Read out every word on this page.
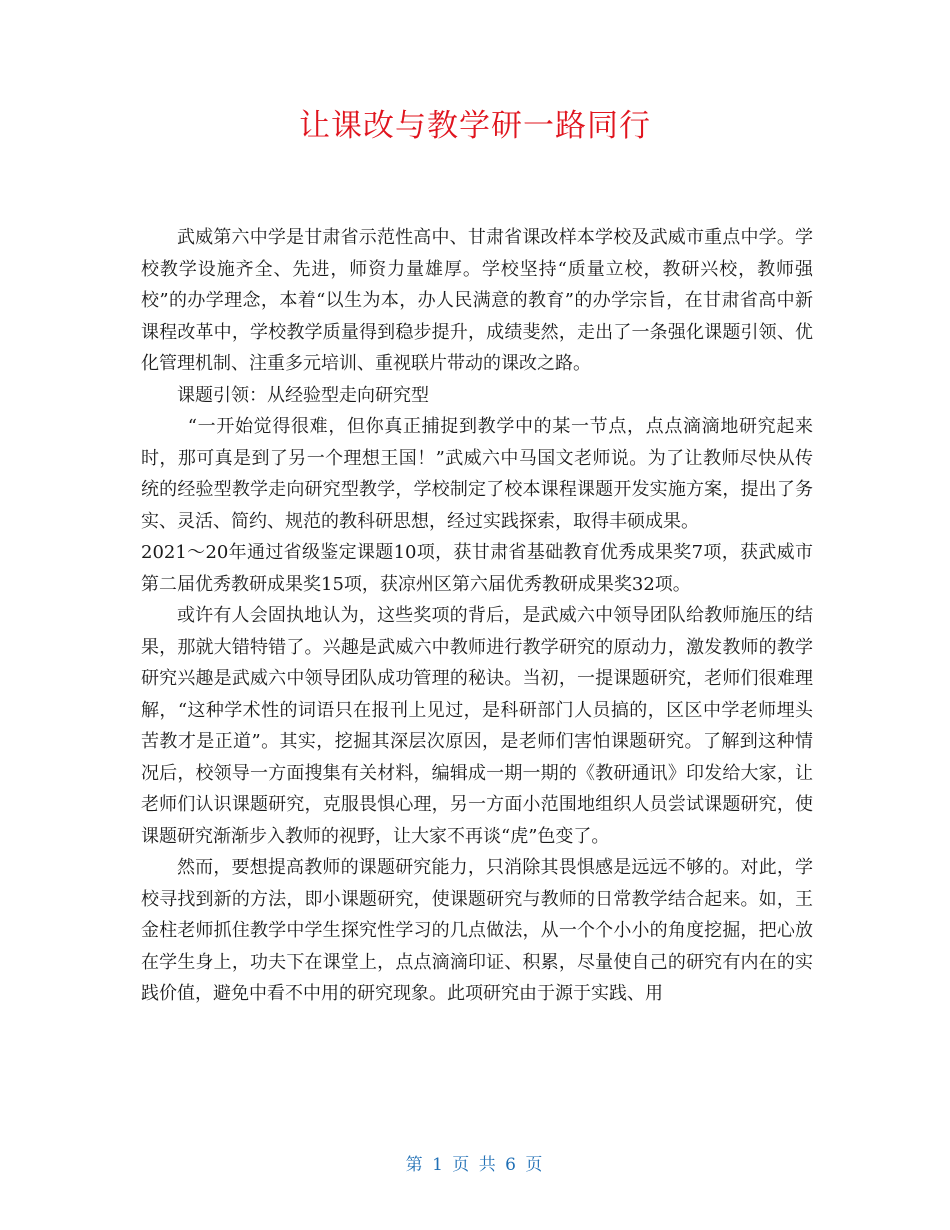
让课改与教学研一路同行

武威第六中学是甘肃省示范性高中、甘肃省课改样本学校及武威市重点中学。学校教学设施齐全、先进，师资力量雄厚。学校坚持“质量立校，教研兴校，教师强校”的办学理念，本着“以生为本，办人民满意的教育”的办学宗旨，在甘肃省高中新课程改革中，学校教学质量得到稳步提升，成绩斐然，走出了一条强化课题引领、优化管理机制、注重多元培训、重视联片带动的课改之路。

课题引领：从经验型走向研究型

“一开始觉得很难，但你真正捕捉到教学中的某一节点，点点滴滴地研究起来时，那可真是到了另一个理想王国！”武威六中马国文老师说。为了让教师尽快从传统的经验型教学走向研究型教学，学校制定了校本课程课题开发实施方案，提出了务实、灵活、简约、规范的教科研思想，经过实践探索，取得丰硕成果。

2021～20年通过省级鉴定课题10项，获甘肃省基础教育优秀成果奖7项，获武威市第二届优秀教研成果奖15项，获凉州区第六届优秀教研成果奖32项。

或许有人会固执地认为，这些奖项的背后，是武威六中领导团队给教师施压的结果，那就大错特错了。兴趣是武威六中教师进行教学研究的原动力，激发教师的教学研究兴趣是武威六中领导团队成功管理的秘诀。当初，一提课题研究，老师们很难理解，“这种学术性的词语只在报刊上见过，是科研部门人员搞的，区区中学老师埋头苦教才是正道”。其实，挖掘其深层次原因，是老师们害怕课题研究。了解到这种情况后，校领导一方面搜集有关材料，编辑成一期一期的《教研通讯》印发给大家，让老师们认识课题研究，克服畏惧心理，另一方面小范围地组织人员尝试课题研究，使课题研究渐渐步入教师的视野，让大家不再谈“虎”色变了。

然而，要想提高教师的课题研究能力，只消除其畏惧感是远远不够的。对此，学校寻找到新的方法，即小课题研究，使课题研究与教师的日常教学结合起来。如，王金柱老师抓住教学中学生探究性学习的几点做法，从一个个小小的角度挖掘，把心放在学生身上，功夫下在课堂上，点点滴滴印证、积累，尽量使自己的研究有内在的实践价值，避免中看不中用的研究现象。此项研究由于源于实践、用

第 1 页 共 6 页
